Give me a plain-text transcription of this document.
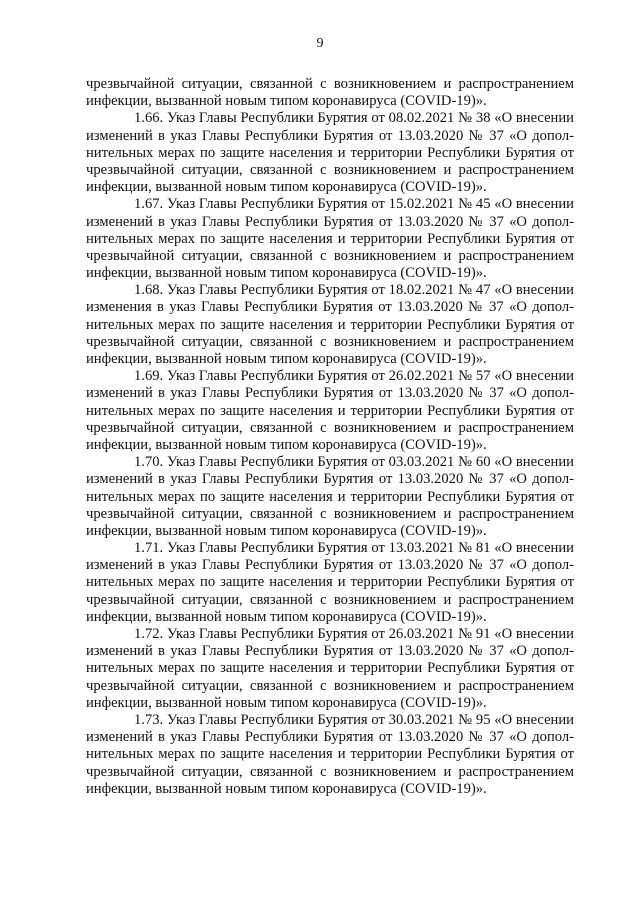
9
чрезвычайной ситуации, связанной с возникновением и распространением
инфекции, вызванной новым типом коронавируса (COVID-19)».
1.66. Указ Главы Республики Бурятия от 08.02.2021 № 38 «О внесении
изменений в указ Главы Республики Бурятия от 13.03.2020 № 37 «О допол-
нительных мерах по защите населения и территории Республики Бурятия от
чрезвычайной ситуации, связанной с возникновением и распространением
инфекции, вызванной новым типом коронавируса (COVID-19)».
1.67. Указ Главы Республики Бурятия от 15.02.2021 № 45 «О внесении
изменений в указ Главы Республики Бурятия от 13.03.2020 № 37 «О допол-
нительных мерах по защите населения и территории Республики Бурятия от
чрезвычайной ситуации, связанной с возникновением и распространением
инфекции, вызванной новым типом коронавируса (COVID-19)».
1.68. Указ Главы Республики Бурятия от 18.02.2021 № 47 «О внесении
изменения в указ Главы Республики Бурятия от 13.03.2020 № 37 «О допол-
нительных мерах по защите населения и территории Республики Бурятия от
чрезвычайной ситуации, связанной с возникновением и распространением
инфекции, вызванной новым типом коронавируса (COVID-19)».
1.69. Указ Главы Республики Бурятия от 26.02.2021 № 57 «О внесении
изменений в указ Главы Республики Бурятия от 13.03.2020 № 37 «О допол-
нительных мерах по защите населения и территории Республики Бурятия от
чрезвычайной ситуации, связанной с возникновением и распространением
инфекции, вызванной новым типом коронавируса (COVID-19)».
1.70. Указ Главы Республики Бурятия от 03.03.2021 № 60 «О внесении
изменений в указ Главы Республики Бурятия от 13.03.2020 № 37 «О допол-
нительных мерах по защите населения и территории Республики Бурятия от
чрезвычайной ситуации, связанной с возникновением и распространением
инфекции, вызванной новым типом коронавируса (COVID-19)».
1.71. Указ Главы Республики Бурятия от 13.03.2021 № 81 «О внесении
изменений в указ Главы Республики Бурятия от 13.03.2020 № 37 «О допол-
нительных мерах по защите населения и территории Республики Бурятия от
чрезвычайной ситуации, связанной с возникновением и распространением
инфекции, вызванной новым типом коронавируса (COVID-19)».
1.72. Указ Главы Республики Бурятия от 26.03.2021 № 91 «О внесении
изменений в указ Главы Республики Бурятия от 13.03.2020 № 37 «О допол-
нительных мерах по защите населения и территории Республики Бурятия от
чрезвычайной ситуации, связанной с возникновением и распространением
инфекции, вызванной новым типом коронавируса (COVID-19)».
1.73. Указ Главы Республики Бурятия от 30.03.2021 № 95 «О внесении
изменений в указ Главы Республики Бурятия от 13.03.2020 № 37 «О допол-
нительных мерах по защите населения и территории Республики Бурятия от
чрезвычайной ситуации, связанной с возникновением и распространением
инфекции, вызванной новым типом коронавируса (COVID-19)».
